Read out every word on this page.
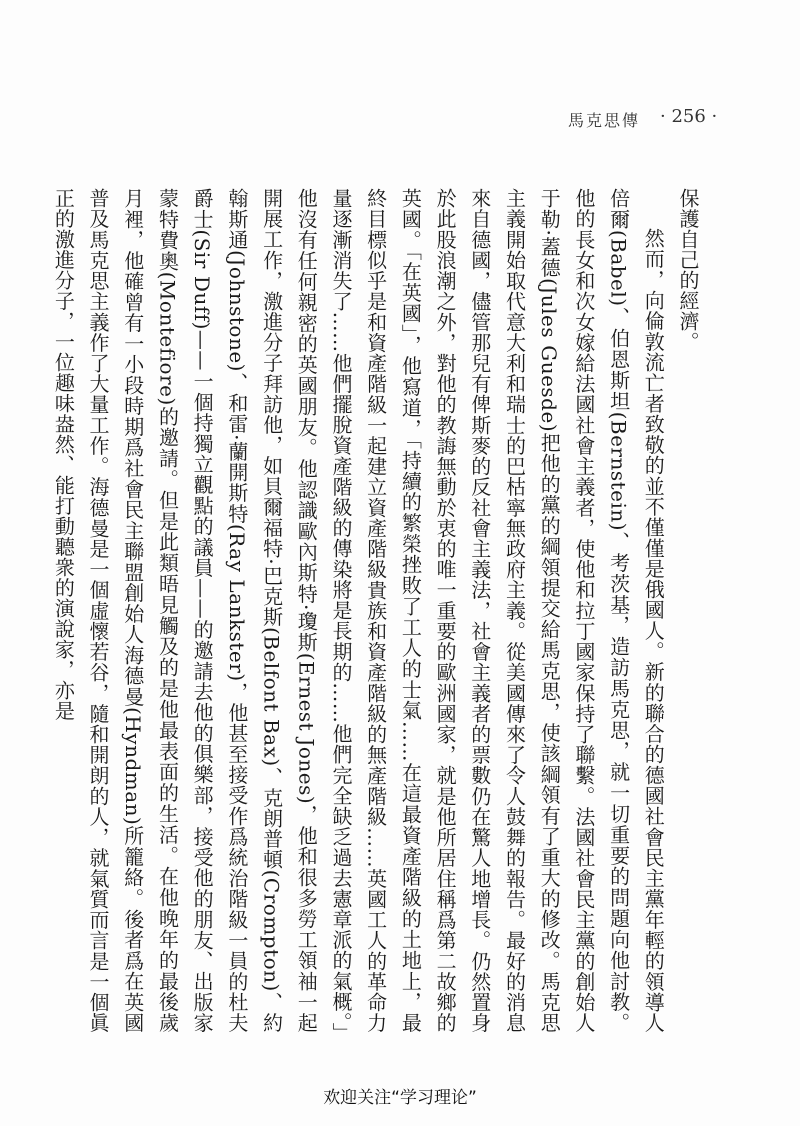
馬克思傳 · 256 ·

保護自己的經濟。

然而，向倫敦流亡者致敬的並不僅僅是俄國人。新的聯合的德國社會民主黨年輕的領導人倍爾(Babel)、伯恩斯坦(Bernstein)、考茨基，造訪馬克思，就一切重要的問題向他討教。他的長女和次女嫁給法國社會主義者，使他和拉丁國家保持了聯繫。法國社會民主黨的創始人于勒·蓋德(Jules Guesde)把他的黨的綱領提交給馬克思，使該綱領有了重大的修改。馬克思主義開始取代意大利和瑞士的巴枯寧無政府主義。從美國傳來了令人鼓舞的報告。最好的消息來自德國，儘管那兒有俾斯麥的反社會主義法，社會主義者的票數仍在驚人地增長。仍然置身於此股浪潮之外，對他的教誨無動於衷的唯一重要的歐洲國家，就是他所居住稱爲第二故鄉的英國。「在英國」，他寫道，「持續的繁榮挫敗了工人的士氣……在這最資產階級的土地上，最終目標似乎是和資產階級一起建立資產階級貴族和資產階級的無產階級……英國工人的革命力量逐漸消失了……他們擺脫資產階級的傳染將是長期的……他們完全缺乏過去憲章派的氣概。」他沒有任何親密的英國朋友。他認識歐內斯特·瓊斯(Ernest Jones)，他和很多勞工領袖一起開展工作，激進分子拜訪他，如貝爾福特·巴克斯(Belfont Bax)、克朗普頓(Crompton)、約翰斯通(Johnstone)、和雷·蘭開斯特(Ray Lankster)，他甚至接受作爲統治階級一員的杜夫爵士(Sir Duff)——一個持獨立觀點的議員——的邀請去他的俱樂部，接受他的朋友、出版家蒙特費奧(Montefiore)的邀請。但是此類晤見觸及的是他最表面的生活。在他晚年的最後歲月裡，他確曾有一小段時期爲社會民主聯盟創始人海德曼(Hyndman)所籠絡。後者爲在英國普及馬克思主義作了大量工作。海德曼是一個虛懷若谷，隨和開朗的人，就氣質而言是一個眞正的激進分子，一位趣味盎然、能打動聽衆的演說家，亦是

欢迎关注“学习理论”
